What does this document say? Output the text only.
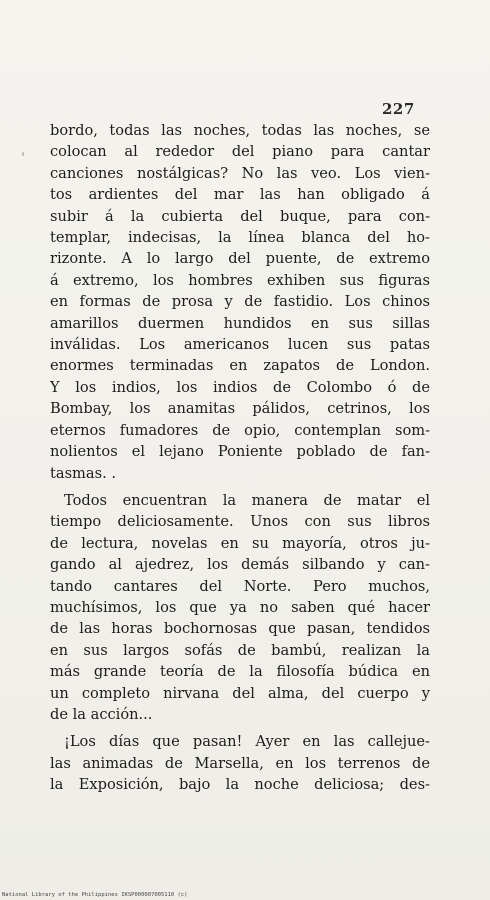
227
bordo, todas las noches, todas las noches, se
colocan al rededor del piano para cantar
canciones nostálgicas? No las veo. Los vien-
tos ardientes del mar las han obligado á
subir á la cubierta del buque, para con-
templar, indecisas, la línea blanca del ho-
rizonte. A lo largo del puente, de extremo
á extremo, los hombres exhiben sus figuras
en formas de prosa y de fastidio. Los chinos
amarillos duermen hundidos en sus sillas
inválidas. Los americanos lucen sus patas
enormes terminadas en zapatos de London.
Y los indios, los indios de Colombo ó de
Bombay, los anamitas pálidos, cetrinos, los
eternos fumadores de opio, contemplan som-
nolientos el lejano Poniente poblado de fan-
tasmas. .
Todos encuentran la manera de matar el
tiempo deliciosamente. Unos con sus libros
de lectura, novelas en su mayoría, otros ju-
gando al ajedrez, los demás silbando y can-
tando cantares del Norte. Pero muchos,
muchísimos, los que ya no saben qué hacer
de las horas bochornosas que pasan, tendidos
en sus largos sofás de bambú, realizan la
más grande teoría de la filosofía búdica en
un completo nirvana del alma, del cuerpo y
de la acción...
¡Los días que pasan! Ayer en las callejue-
las animadas de Marsella, en los terrenos de
la Exposición, bajo la noche deliciosa; des-
National Library of the Philippines IKSP000007005110 (c)
